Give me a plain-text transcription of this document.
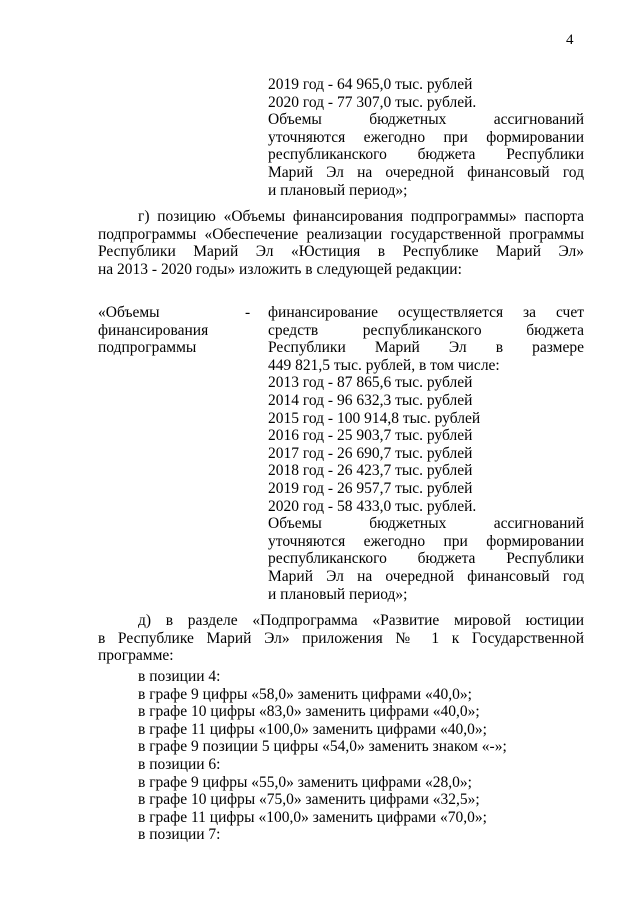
4
2019 год - 64 965,0 тыс. рублей
2020 год - 77 307,0 тыс. рублей.
Объемы бюджетных ассигнований
уточняются ежегодно при формировании
республиканского бюджета Республики
Марий Эл на очередной финансовый год
и плановый период»;
г) позицию «Объемы финансирования подпрограммы» паспорта
подпрограммы «Обеспечение реализации государственной программы
Республики Марий Эл «Юстиция в Республике Марий Эл»
на 2013 - 2020 годы» изложить в следующей редакции:
«Объемы
финансирования
подпрограммы
- финансирование осуществляется за счет
средств республиканского бюджета
Республики Марий Эл в размере
449 821,5 тыс. рублей, в том числе:
2013 год - 87 865,6 тыс. рублей
2014 год - 96 632,3 тыс. рублей
2015 год - 100 914,8 тыс. рублей
2016 год - 25 903,7 тыс. рублей
2017 год - 26 690,7 тыс. рублей
2018 год - 26 423,7 тыс. рублей
2019 год - 26 957,7 тыс. рублей
2020 год - 58 433,0 тыс. рублей.
Объемы бюджетных ассигнований
уточняются ежегодно при формировании
республиканского бюджета Республики
Марий Эл на очередной финансовый год
и плановый период»;
д) в разделе «Подпрограмма «Развитие мировой юстиции
в Республике Марий Эл» приложения № 1 к Государственной
программе:
в позиции 4:
в графе 9 цифры «58,0» заменить цифрами «40,0»;
в графе 10 цифры «83,0» заменить цифрами «40,0»;
в графе 11 цифры «100,0» заменить цифрами «40,0»;
в графе 9 позиции 5 цифры «54,0» заменить знаком «-»;
в позиции 6:
в графе 9 цифры «55,0» заменить цифрами «28,0»;
в графе 10 цифры «75,0» заменить цифрами «32,5»;
в графе 11 цифры «100,0» заменить цифрами «70,0»;
в позиции 7:
